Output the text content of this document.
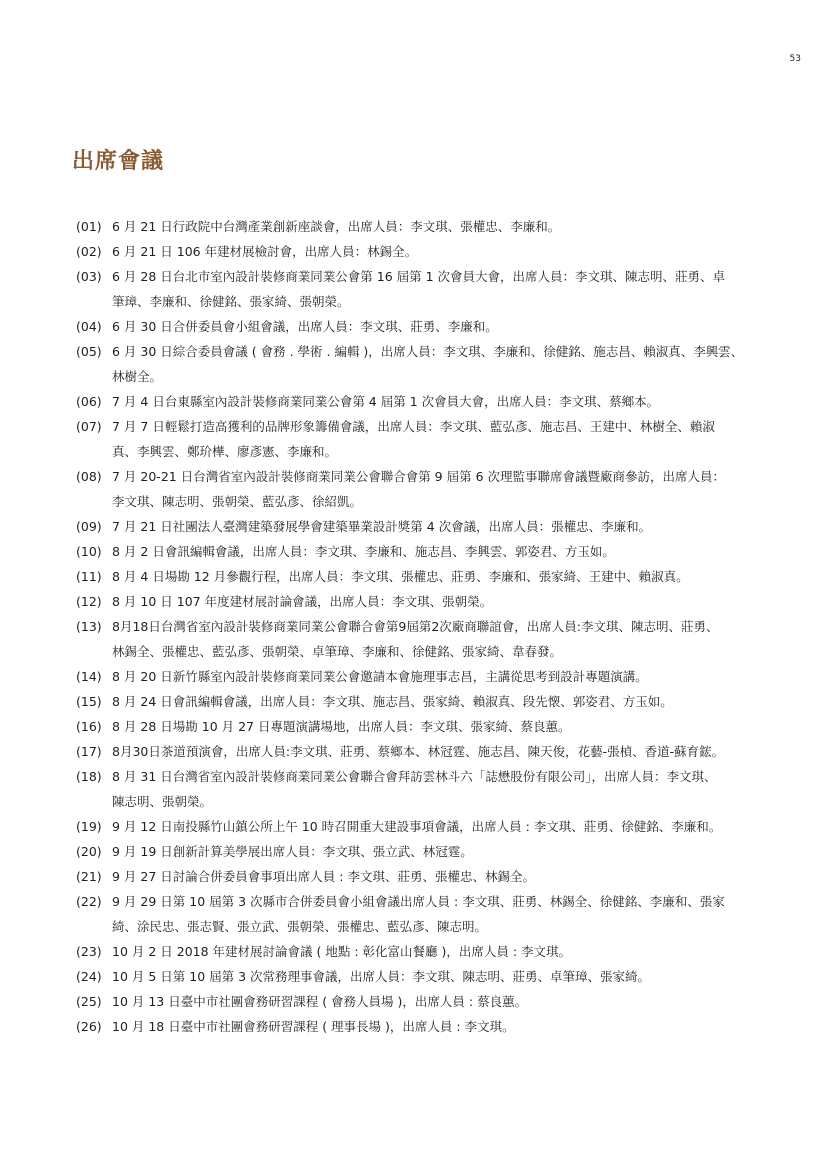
53
出席會議
(01) 6 月 21 日行政院中台灣產業創新座談會，出席人員：李文琪、張權忠、李廉和。
(02) 6 月 21 日 106 年建材展檢討會，出席人員：林錫全。
(03) 6 月 28 日台北市室內設計裝修商業同業公會第 16 屆第 1 次會員大會，出席人員：李文琪、陳志明、莊勇、卓
筆璋、李廉和、徐健銘、張家綺、張朝榮。
(04) 6 月 30 日合併委員會小組會議，出席人員：李文琪、莊勇、李廉和。
(05) 6 月 30 日綜合委員會議 ( 會務 . 學術 . 編輯 )，出席人員：李文琪、李廉和、徐健銘、施志昌、賴淑真、李興雲、
林樹全。
(06) 7 月 4 日台東縣室內設計裝修商業同業公會第 4 屆第 1 次會員大會，出席人員：李文琪、蔡鄉本。
(07) 7 月 7 日輕鬆打造高獲利的品牌形象籌備會議，出席人員：李文琪、藍弘彥、施志昌、王建中、林樹全、賴淑
真、李興雲、鄭玠樺、廖彥憲、李廉和。
(08) 7 月 20-21 日台灣省室內設計裝修商業同業公會聯合會第 9 屆第 6 次理監事聯席會議暨廠商參訪，出席人員：
李文琪、陳志明、張朝榮、藍弘彥、徐紹凱。
(09) 7 月 21 日社團法人臺灣建築發展學會建築畢業設計獎第 4 次會議，出席人員：張權忠、李廉和。
(10) 8 月 2 日會訊編輯會議，出席人員：李文琪、李廉和、施志昌、李興雲、郭姿君、方玉如。
(11) 8 月 4 日場勘 12 月參觀行程，出席人員：李文琪、張權忠、莊勇、李廉和、張家綺、王建中、賴淑真。
(12) 8 月 10 日 107 年度建材展討論會議，出席人員：李文琪、張朝榮。
(13) 8月18日台灣省室內設計裝修商業同業公會聯合會第9屆第2次廠商聯誼會，出席人員:李文琪、陳志明、莊勇、
林錫全、張權忠、藍弘彥、張朝榮、卓筆璋、李廉和、徐健銘、張家綺、韋春發。
(14) 8 月 20 日新竹縣室內設計裝修商業同業公會邀請本會施理事志昌，主講從思考到設計專題演講。
(15) 8 月 24 日會訊編輯會議，出席人員：李文琪、施志昌、張家綺、賴淑真、段先懐、郭姿君、方玉如。
(16) 8 月 28 日場勘 10 月 27 日專題演講場地，出席人員：李文琪、張家綺、蔡良蕙。
(17) 8月30日茶道預演會，出席人員:李文琪、莊勇、蔡鄉本、林冠霆、施志昌、陳天俊，花藝-張楨、香道-蘇育鋐。
(18) 8 月 31 日台灣省室內設計裝修商業同業公會聯合會拜訪雲林斗六「誌懋股份有限公司」，出席人員：李文琪、
陳志明、張朝榮。
(19) 9 月 12 日南投縣竹山鎮公所上午 10 時召開重大建設事項會議，出席人員 : 李文琪、莊勇、徐健銘、李廉和。
(20) 9 月 19 日創新計算美學展出席人員：李文琪、張立武、林冠霆。
(21) 9 月 27 日討論合併委員會事項出席人員 : 李文琪、莊勇、張權忠、林錫全。
(22) 9 月 29 日第 10 屆第 3 次縣市合併委員會小組會議出席人員 : 李文琪、莊勇、林錫全、徐健銘、李廉和、張家
綺、涂民忠、張志賢、張立武、張朝榮、張權忠、藍弘彥、陳志明。
(23) 10 月 2 日 2018 年建材展討論會議 ( 地點 : 彰化富山餐廳 )，出席人員 : 李文琪。
(24) 10 月 5 日第 10 屆第 3 次常務理事會議，出席人員：李文琪、陳志明、莊勇、卓筆璋、張家綺。
(25) 10 月 13 日臺中市社團會務研習課程 ( 會務人員場 )，出席人員 : 蔡良蕙。
(26) 10 月 18 日臺中市社團會務研習課程 ( 理事長場 )，出席人員 : 李文琪。
